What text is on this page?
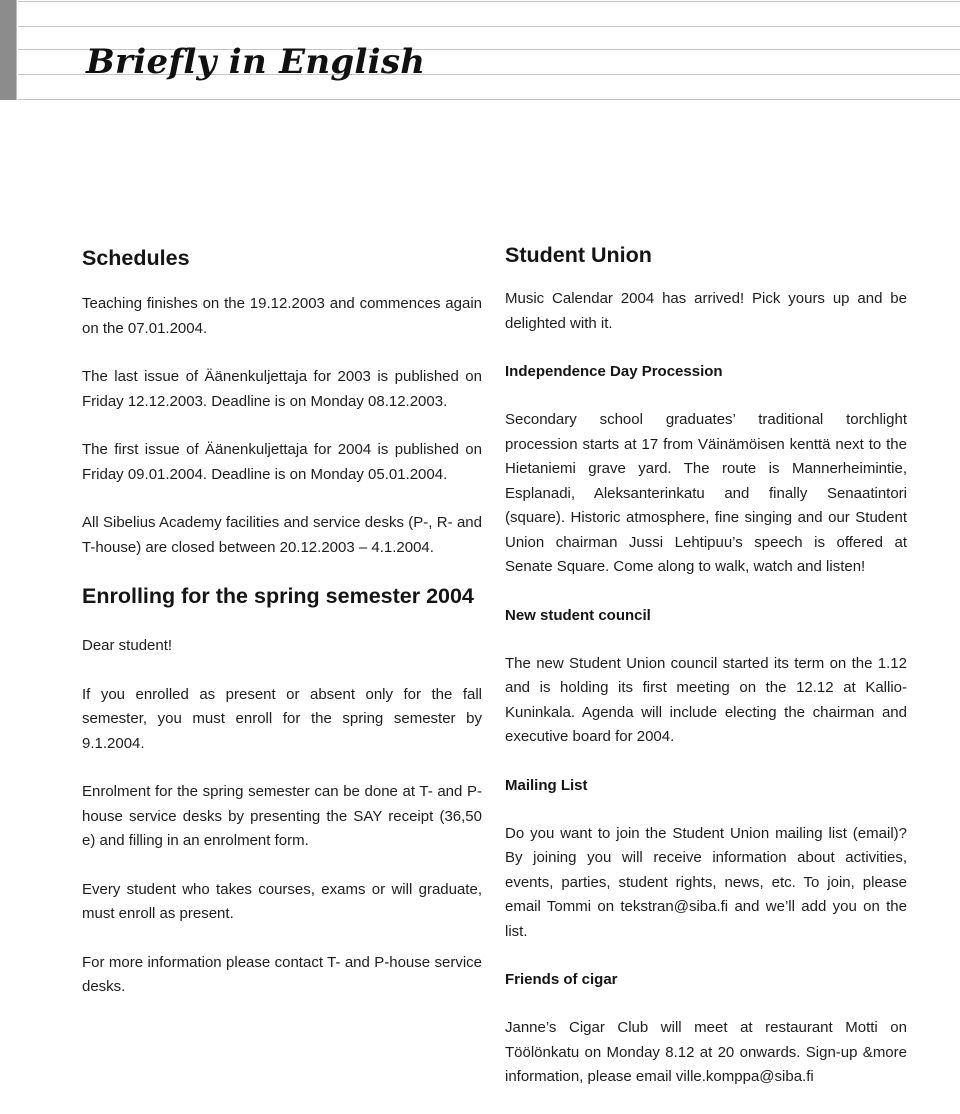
Briefly in English
Schedules

Teaching finishes on the 19.12.2003 and commences again on the 07.01.2004.

The last issue of Äänenkuljettaja for 2003 is published on Friday 12.12.2003. Deadline is on Monday 08.12.2003.

The first issue of Äänenkuljettaja for 2004 is published on Friday 09.01.2004. Deadline is on Monday 05.01.2004.

All Sibelius Academy facilities and service desks (P-, R- and T-house) are closed between 20.12.2003 – 4.1.2004.

Enrolling for the spring semester 2004

Dear student!

If you enrolled as present or absent only for the fall semester, you must enroll for the spring semester by 9.1.2004.

Enrolment for the spring semester can be done at T- and P-house service desks by presenting the SAY receipt (36,50 e) and filling in an enrolment form.

Every student who takes courses, exams or will graduate, must enroll as present.

For more information please contact T- and P-house service desks.

Student Union

Music Calendar 2004 has arrived! Pick yours up and be delighted with it.

Independence Day Procession

Secondary school graduates’ traditional torchlight procession starts at 17 from Väinämöisen kenttä next to the Hietaniemi grave yard. The route is Mannerheimintie, Esplanadi, Aleksanterinkatu and finally Senaatintori (square). Historic atmosphere, fine singing and our Student Union chairman Jussi Lehtipuu’s speech is offered at Senate Square. Come along to walk, watch and listen!

New student council

The new Student Union council started its term on the 1.12 and is holding its first meeting on the 12.12 at Kallio-Kuninkala. Agenda will include electing the chairman and executive board for 2004.

Mailing List

Do you want to join the Student Union mailing list (email)? By joining you will receive information about activities, events, parties, student rights, news, etc. To join, please email Tommi on tekstran@siba.fi and we’ll add you on the list.

Friends of cigar

Janne’s Cigar Club will meet at restaurant Motti on Töölönkatu on Monday 8.12 at 20 onwards. Sign-up &more information, please email ville.komppa@siba.fi
